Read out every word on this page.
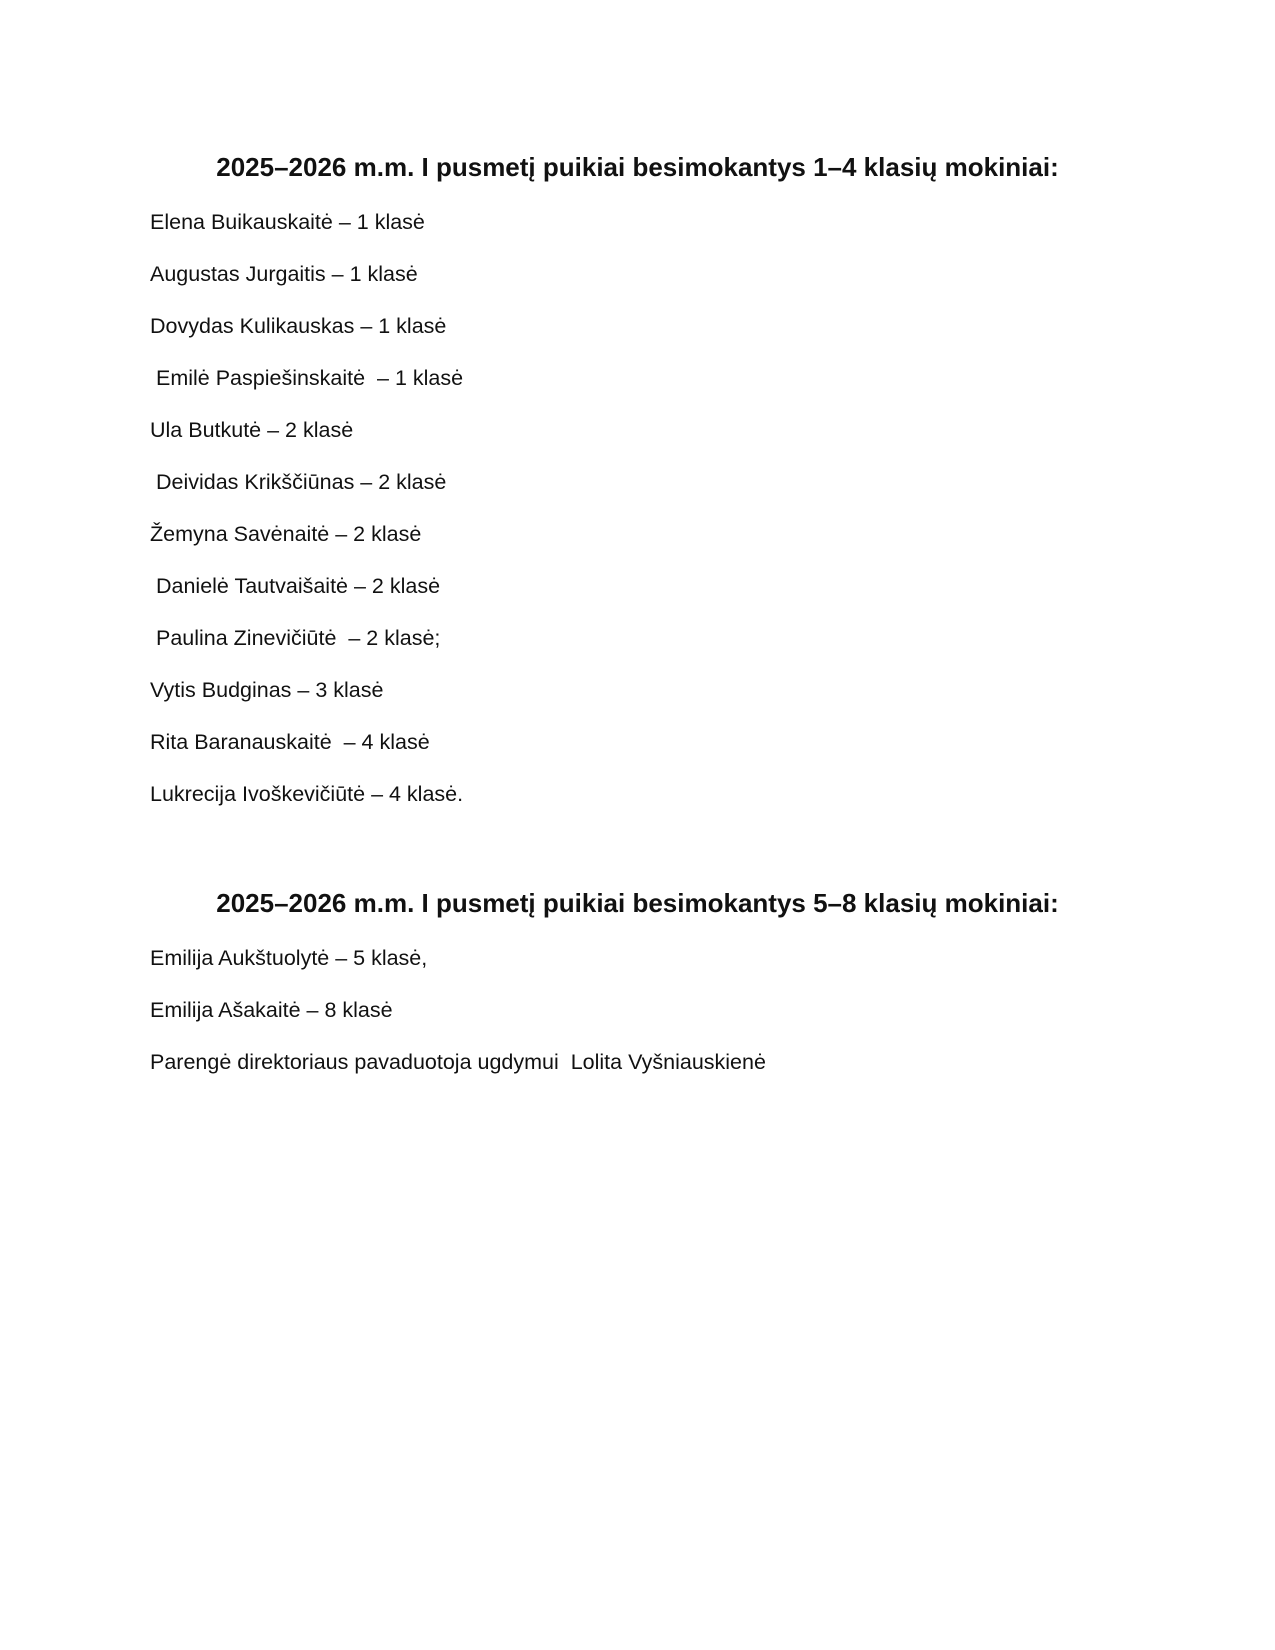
2025–2026 m.m. I pusmetį puikiai besimokantys 1–4 klasių mokiniai:
Elena Buikauskaitė – 1 klasė
Augustas Jurgaitis – 1 klasė
Dovydas Kulikauskas – 1 klasė
Emilė Paspiešinskaitė  – 1 klasė
Ula Butkutė – 2 klasė
Deividas Krikščiūnas – 2 klasė
Žemyna Savėnaitė – 2 klasė
Danielė Tautvaišaitė – 2 klasė
Paulina Zinevičiūtė  – 2 klasė;
Vytis Budginas – 3 klasė
Rita Baranauskaitė  – 4 klasė
Lukrecija Ivoškevičiūtė – 4 klasė.
2025–2026 m.m. I pusmetį puikiai besimokantys 5–8 klasių mokiniai:
Emilija Aukštuolytė – 5 klasė,
Emilija Ašakaitė – 8 klasė
Parengė direktoriaus pavaduotoja ugdymui  Lolita Vyšniauskienė
